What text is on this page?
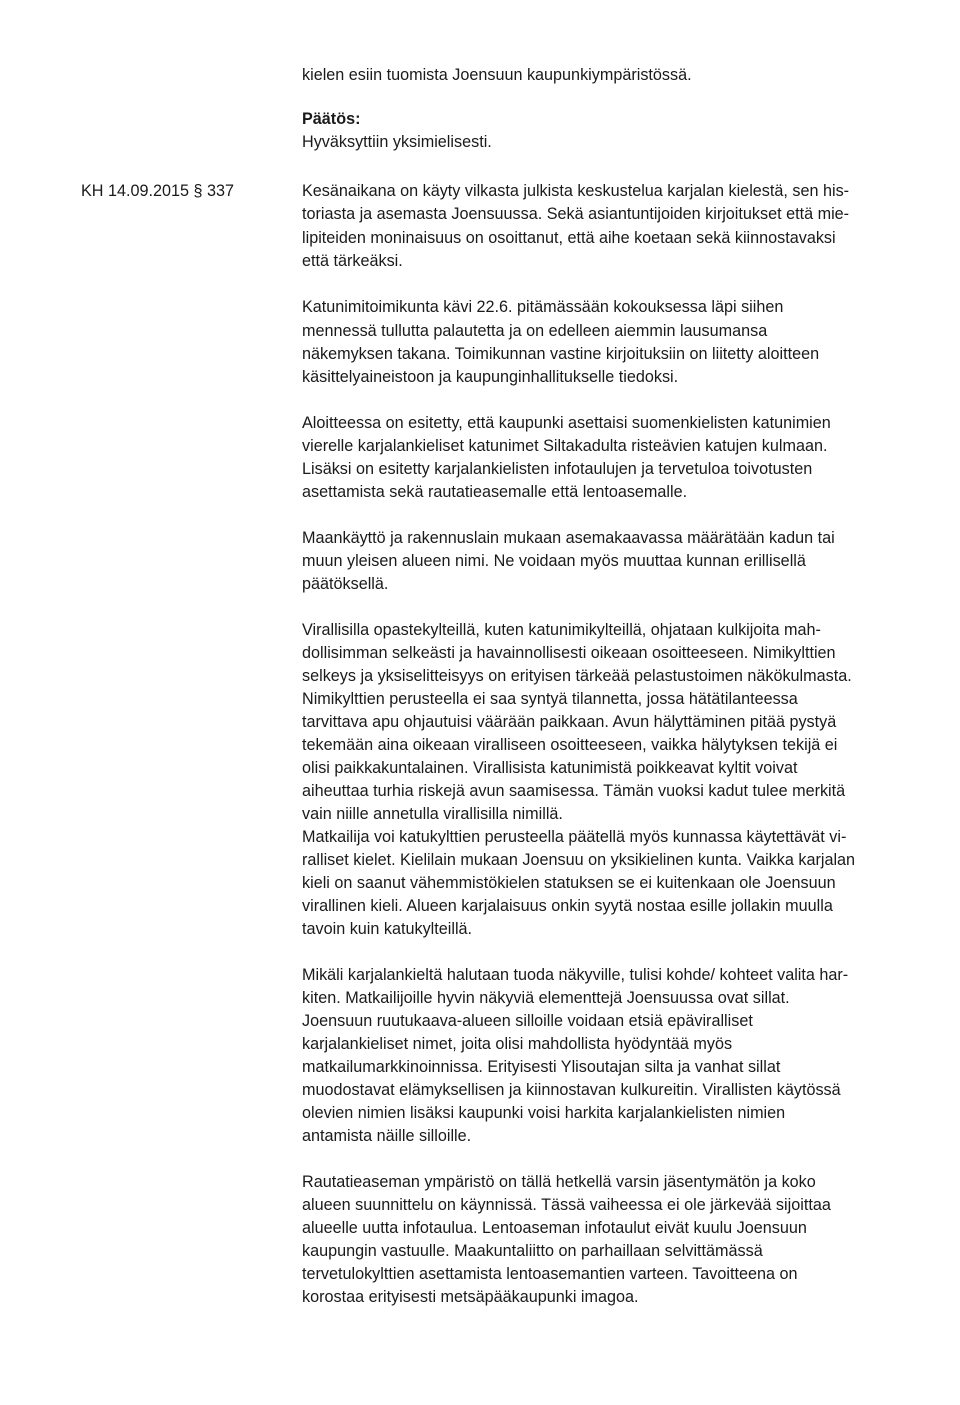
kielen esiin tuomista Joensuun kaupunkiympäristössä.
Päätös:
Hyväksyttiin yksimielisesti.
KH 14.09.2015 § 337	Kesänaikana on käyty vilkasta julkista keskustelua karjalan kielestä, sen his-
toriasta ja asemasta Joensuussa. Sekä asiantuntijoiden kirjoitukset että mie-
lipiteiden moninaisuus on osoittanut, että aihe koetaan sekä kiinnostavaksi
että tärkeäksi.
Katunimitoimikunta kävi 22.6. pitämässään kokouksessa läpi siihen
mennessä tullutta palautetta ja on edelleen aiemmin lausumansa
näkemyksen takana. Toimikunnan vastine kirjoituksiin on liitetty aloitteen
käsittelyaineistoon ja kaupunginhallitukselle tiedoksi.
Aloitteessa on esitetty, että kaupunki asettaisi suomenkielisten katunimien
vierelle karjalankieliset katunimet Siltakadulta risteävien katujen kulmaan.
Lisäksi on esitetty karjalankielisten infotaulujen ja tervetuloa toivotusten
asettamista sekä rautatieasemalle että lentoasemalle.
Maankäyttö ja rakennuslain mukaan asemakaavassa määrätään kadun tai
muun yleisen alueen nimi. Ne voidaan myös muuttaa kunnan erillisellä
päätöksellä.
Virallisilla opastekylteillä, kuten katunimikylteillä, ohjataan kulkijoita mah-
dollisimman selkeästi ja havainnollisesti oikeaan osoitteeseen. Nimikylttien
selkeys ja yksiselitteisyys on erityisen tärkeää pelastustoimen näkökulmasta.
Nimikylttien perusteella ei saa syntyä tilannetta, jossa hätätilanteessa
tarvittava apu ohjautuisi väärään paikkaan. Avun hälyttäminen pitää pystyä
tekemään aina oikeaan viralliseen osoitteeseen, vaikka hälytyksen tekijä ei
olisi paikkakuntalainen. Virallisista katunimistä poikkeavat kyltit voivat
aiheuttaa turhia riskejä avun saamisessa. Tämän vuoksi kadut tulee merkitä
vain niille annetulla virallisilla nimillä.
Matkailija voi katukylttien perusteella päätellä myös kunnassa käytettävät vi-
ralliset kielet. Kielilain mukaan Joensuu on yksikielinen kunta. Vaikka karjalan
kieli on saanut vähemmistökielen statuksen se ei kuitenkaan ole Joensuun
virallinen kieli. Alueen karjalaisuus onkin syytä nostaa esille jollakin muulla
tavoin kuin katukylteillä.
Mikäli karjalankieltä halutaan tuoda näkyville, tulisi kohde/ kohteet valita har-
kiten. Matkailijoille hyvin näkyviä elementtejä Joensuussa ovat sillat.
Joensuun ruutukaava-alueen silloille voidaan etsiä epäviralliset
karjalankieliset nimet, joita olisi mahdollista hyödyntää myös
matkailumarkkinoinnissa. Erityisesti Ylisoutajan silta ja vanhat sillat
muodostavat elämyksellisen ja kiinnostavan kulkureitin. Virallisten käytössä
olevien nimien lisäksi kaupunki voisi harkita karjalankielisten nimien
antamista näille silloille.
Rautatieaseman ympäristö on tällä hetkellä varsin jäsentymätön ja koko
alueen suunnittelu on käynnissä. Tässä vaiheessa ei ole järkevää sijoittaa
alueelle uutta infotaulua. Lentoaseman infotaulut eivät kuulu Joensuun
kaupungin vastuulle. Maakuntaliitto on parhaillaan selvittämässä
tervetulokylttien asettamista lentoasemantien varteen. Tavoitteena on
korostaa erityisesti metsäpääkaupunki imagoa.
